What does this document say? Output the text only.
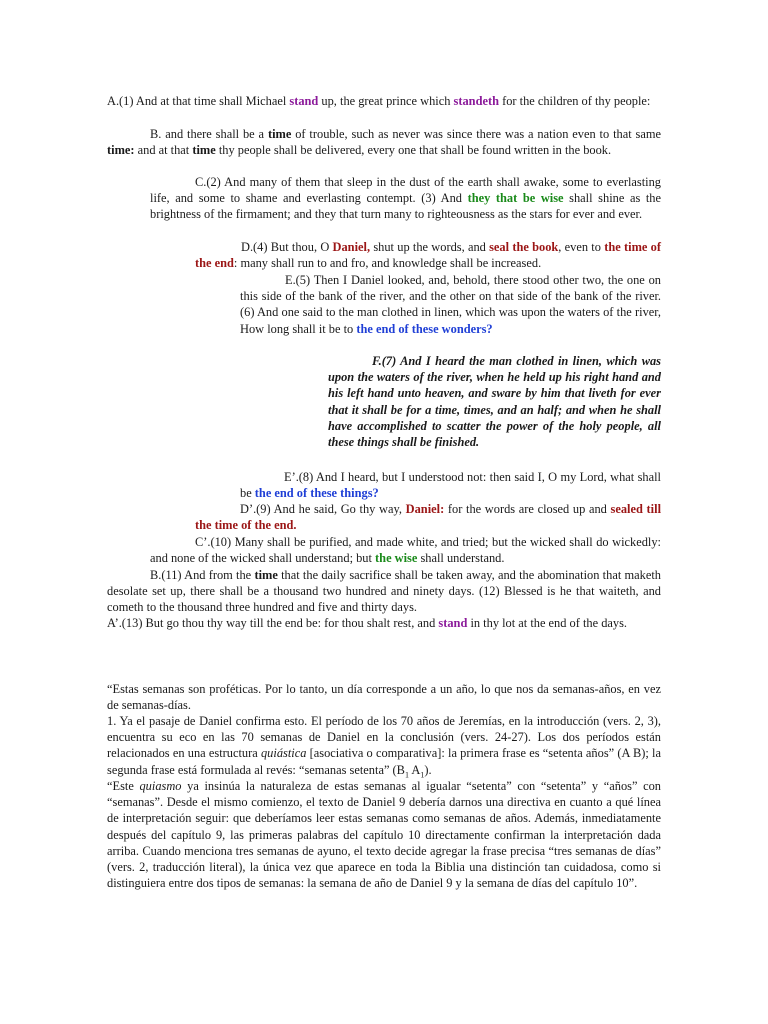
A.(1) And at that time shall Michael stand up, the great prince which standeth for the children of thy people:

B. and there shall be a time of trouble, such as never was since there was a nation even to that same time: and at that time thy people shall be delivered, every one that shall be found written in the book.

C.(2) And many of them that sleep in the dust of the earth shall awake, some to everlasting life, and some to shame and everlasting contempt. (3) And they that be wise shall shine as the brightness of the firmament; and they that turn many to righteousness as the stars for ever and ever.

D.(4) But thou, O Daniel, shut up the words, and seal the book, even to the time of the end: many shall run to and fro, and knowledge shall be increased.

E.(5) Then I Daniel looked, and, behold, there stood other two, the one on this side of the bank of the river, and the other on that side of the bank of the river.(6) And one said to the man clothed in linen, which was upon the waters of the river, How long shall it be to the end of these wonders?

F.(7) And I heard the man clothed in linen, which was upon the waters of the river, when he held up his right hand and his left hand unto heaven, and sware by him that liveth for ever that it shall be for a time, times, and an half; and when he shall have accomplished to scatter the power of the holy people, all these things shall be finished.

E’.(8) And I heard, but I understood not: then said I, O my Lord, what shall be the end of these things?

D’.(9) And he said, Go thy way, Daniel: for the words are closed up and sealed till the time of the end.

C’.(10) Many shall be purified, and made white, and tried; but the wicked shall do wickedly: and none of the wicked shall understand; but the wise shall understand.

B.(11) And from the time that the daily sacrifice shall be taken away, and the abomination that maketh desolate set up, there shall be a thousand two hundred and ninety days. (12) Blessed is he that waiteth, and cometh to the thousand three hundred and five and thirty days.

A’.(13) But go thou thy way till the end be: for thou shalt rest, and stand in thy lot at the end of the days.

“Estas semanas son proféticas. Por lo tanto, un día corresponde a un año, lo que nos da semanas-años, en vez de semanas-días.

1. Ya el pasaje de Daniel confirma esto. El período de los 70 años de Jeremías, en la introducción (vers. 2, 3), encuentra su eco en las 70 semanas de Daniel en la conclusión (vers. 24-27). Los dos períodos están relacionados en una estructura quiástica [asociativa o comparativa]: la primera frase es “setenta años” (A B); la segunda frase está formulada al revés: “semanas setenta” ($B_1$ $A_1$).

“Este quiasmo ya insinúa la naturaleza de estas semanas al igualar “setenta” con “setenta” y “años” con “semanas”. Desde el mismo comienzo, el texto de Daniel 9 debería darnos una directiva en cuanto a qué línea de interpretación seguir: que deberíamos leer estas semanas como semanas de años. Además, inmediatamente después del capítulo 9, las primeras palabras del capítulo 10 directamente confirman la interpretación dada arriba. Cuando menciona tres semanas de ayuno, el texto decide agregar la frase precisa “tres semanas de días” (vers. 2, traducción literal), la única vez que aparece en toda la Biblia una distinción tan cuidadosa, como si distinguiera entre dos tipos de semanas: la semana de año de Daniel 9 y la semana de días del capítulo 10”.
